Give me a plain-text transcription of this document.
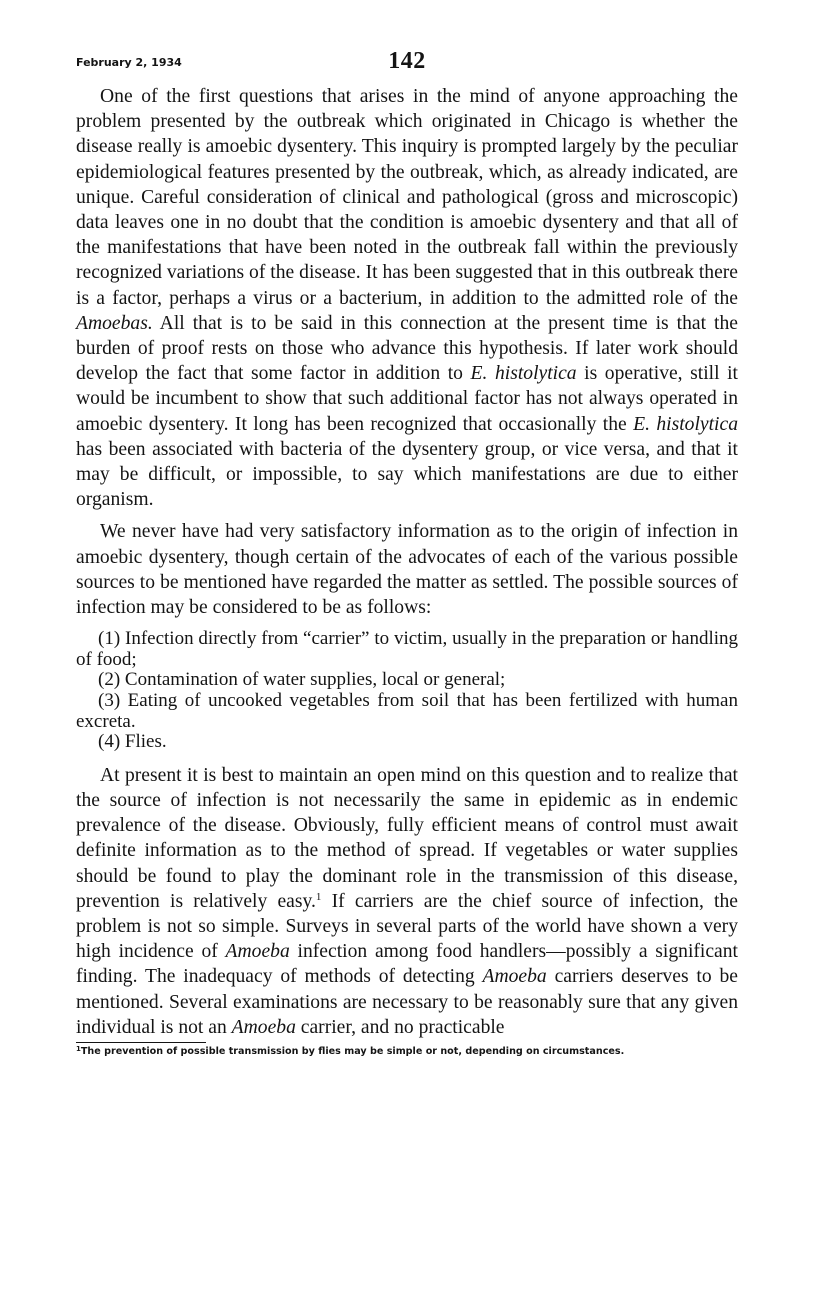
February 2, 1934	142

One of the first questions that arises in the mind of anyone approaching the problem presented by the outbreak which originated in Chicago is whether the disease really is amoebic dysentery. This inquiry is prompted largely by the peculiar epidemiological features presented by the outbreak, which, as already indicated, are unique. Careful consideration of clinical and pathological (gross and microscopic) data leaves one in no doubt that the condition is amoebic dysentery and that all of the manifestations that have been noted in the outbreak fall within the previously recognized variations of the disease. It has been suggested that in this outbreak there is a factor, perhaps a virus or a bacterium, in addition to the admitted role of the Amoebas. All that is to be said in this connection at the present time is that the burden of proof rests on those who advance this hypothesis. If later work should develop the fact that some factor in addition to E. histolytica is operative, still it would be incumbent to show that such additional factor has not always operated in amoebic dysentery. It long has been recognized that occasionally the E. histolytica has been associated with bacteria of the dysentery group, or vice versa, and that it may be difficult, or impossible, to say which manifestations are due to either organism.

We never have had very satisfactory information as to the origin of infection in amoebic dysentery, though certain of the advocates of each of the various possible sources to be mentioned have regarded the matter as settled. The possible sources of infection may be considered to be as follows:

(1) Infection directly from “carrier” to victim, usually in the preparation or handling of food;
(2) Contamination of water supplies, local or general;
(3) Eating of uncooked vegetables from soil that has been fertilized with human excreta.
(4) Flies.

At present it is best to maintain an open mind on this question and to realize that the source of infection is not necessarily the same in epidemic as in endemic prevalence of the disease. Obviously, fully efficient means of control must await definite information as to the method of spread. If vegetables or water supplies should be found to play the dominant role in the transmission of this disease, prevention is relatively easy.$^1$ If carriers are the chief source of infection, the problem is not so simple. Surveys in several parts of the world have shown a very high incidence of Amoeba infection among food handlers—possibly a significant finding. The inadequacy of methods of detecting Amoeba carriers deserves to be mentioned. Several examinations are necessary to be reasonably sure that any given individual is not an Amoeba carrier, and no practicable

$^1$The prevention of possible transmission by flies may be simple or not, depending on circumstances.
